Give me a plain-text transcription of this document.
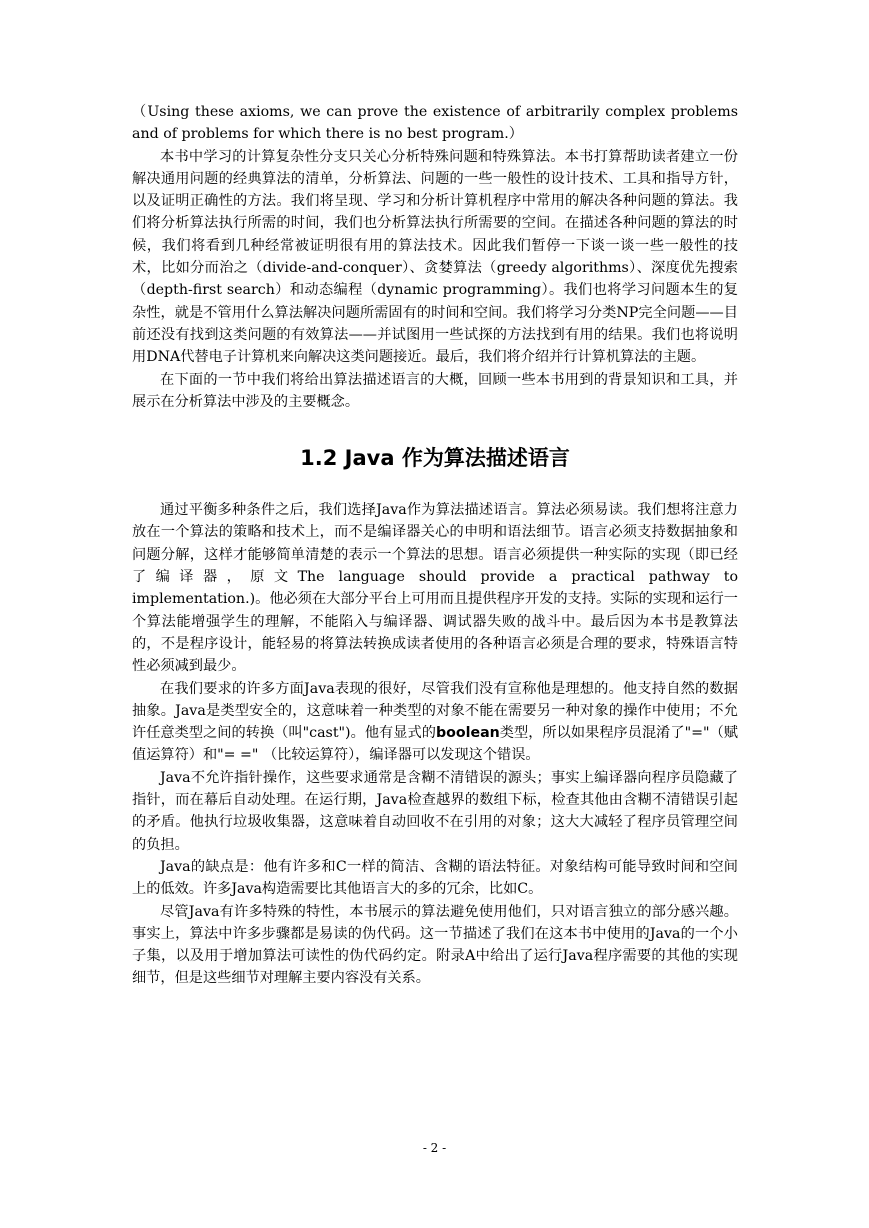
（Using these axioms, we can prove the existence of arbitrarily complex problems and of problems for which there is no best program.）

本书中学习的计算复杂性分支只关心分析特殊问题和特殊算法。本书打算帮助读者建立一份解决通用问题的经典算法的清单，分析算法、问题的一些一般性的设计技术、工具和指导方针，以及证明正确性的方法。我们将呈现、学习和分析计算机程序中常用的解决各种问题的算法。我们将分析算法执行所需的时间，我们也分析算法执行所需要的空间。在描述各种问题的算法的时候，我们将看到几种经常被证明很有用的算法技术。因此我们暂停一下谈一谈一些一般性的技术，比如分而治之（divide-and-conquer）、贪婪算法（greedy algorithms）、深度优先搜索（depth-first search）和动态编程（dynamic programming）。我们也将学习问题本生的复杂性，就是不管用什么算法解决问题所需固有的时间和空间。我们将学习分类NP完全问题——目前还没有找到这类问题的有效算法——并试图用一些试探的方法找到有用的结果。我们也将说明用DNA代替电子计算机来向解决这类问题接近。最后，我们将介绍并行计算机算法的主题。

在下面的一节中我们将给出算法描述语言的大概，回顾一些本书用到的背景知识和工具，并展示在分析算法中涉及的主要概念。

1.2 Java 作为算法描述语言

通过平衡多种条件之后，我们选择Java作为算法描述语言。算法必须易读。我们想将注意力放在一个算法的策略和技术上，而不是编译器关心的申明和语法细节。语言必须支持数据抽象和问题分解，这样才能够简单清楚的表示一个算法的思想。语言必须提供一种实际的实现（即已经了编译器，原文The language should provide a practical pathway to implementation.)。他必须在大部分平台上可用而且提供程序开发的支持。实际的实现和运行一个算法能增强学生的理解，不能陷入与编译器、调试器失败的战斗中。最后因为本书是教算法的，不是程序设计，能轻易的将算法转换成读者使用的各种语言必须是合理的要求，特殊语言特性必须减到最少。

在我们要求的许多方面Java表现的很好，尽管我们没有宣称他是理想的。他支持自然的数据抽象。Java是类型安全的，这意味着一种类型的对象不能在需要另一种对象的操作中使用；不允许任意类型之间的转换（叫"cast")。他有显式的boolean类型，所以如果程序员混淆了"="（赋值运算符）和"= =" （比较运算符），编译器可以发现这个错误。

Java不允许指针操作，这些要求通常是含糊不清错误的源头；事实上编译器向程序员隐藏了指针，而在幕后自动处理。在运行期，Java检查越界的数组下标，检查其他由含糊不清错误引起的矛盾。他执行垃圾收集器，这意味着自动回收不在引用的对象；这大大减轻了程序员管理空间的负担。

Java的缺点是：他有许多和C一样的简洁、含糊的语法特征。对象结构可能导致时间和空间上的低效。许多Java构造需要比其他语言大的多的冗余，比如C。

尽管Java有许多特殊的特性，本书展示的算法避免使用他们，只对语言独立的部分感兴趣。事实上，算法中许多步骤都是易读的伪代码。这一节描述了我们在这本书中使用的Java的一个小子集，以及用于增加算法可读性的伪代码约定。附录A中给出了运行Java程序需要的其他的实现细节，但是这些细节对理解主要内容没有关系。

- 2 -
